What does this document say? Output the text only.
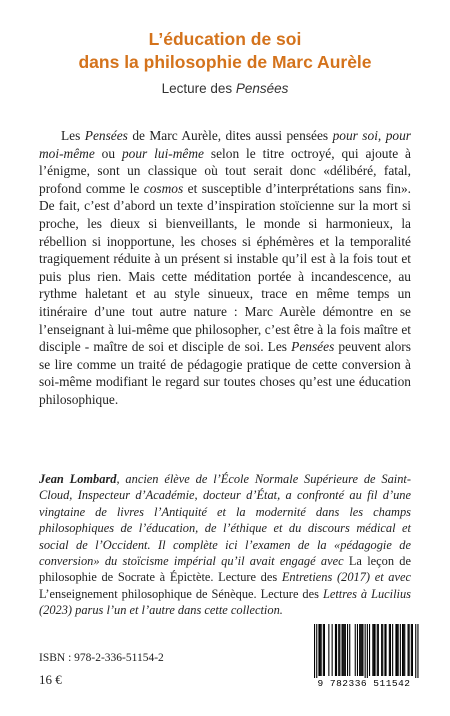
L’éducation de soi
dans la philosophie de Marc Aurèle
Lecture des Pensées

Les Pensées de Marc Aurèle, dites aussi pensées pour soi, pour moi-même ou pour lui-même selon le titre octroyé, qui ajoute à l’énigme, sont un classique où tout serait donc «délibéré, fatal, profond comme le cosmos et susceptible d’interprétations sans fin». De fait, c’est d’abord un texte d’inspiration stoïcienne sur la mort si proche, les dieux si bienveillants, le monde si harmonieux, la rébellion si inopportune, les choses si éphémères et la temporalité tragiquement réduite à un présent si instable qu’il est à la fois tout et puis plus rien. Mais cette méditation portée à incandescence, au rythme haletant et au style sinueux, trace en même temps un itinéraire d’une tout autre nature : Marc Aurèle démontre en se l’enseignant à lui-même que philosopher, c’est être à la fois maître et disciple - maître de soi et disciple de soi. Les Pensées peuvent alors se lire comme un traité de pédagogie pratique de cette conversion à soi-même modifiant le regard sur toutes choses qu’est une éducation philosophique.

Jean Lombard, ancien élève de l’École Normale Supérieure de Saint-Cloud, Inspecteur d’Académie, docteur d’État, a confronté au fil d’une vingtaine de livres l’Antiquité et la modernité dans les champs philosophiques de l’éducation, de l’éthique et du discours médical et social de l’Occident. Il complète ici l’examen de la «pédagogie de conversion» du stoïcisme impérial qu’il avait engagé avec La leçon de philosophie de Socrate à Épictète. Lecture des Entretiens (2017) et avec L’enseignement philosophique de Sénèque. Lecture des Lettres à Lucilius (2023) parus l’un et l’autre dans cette collection.

ISBN : 978-2-336-51154-2
16 €	9 782336 511542
